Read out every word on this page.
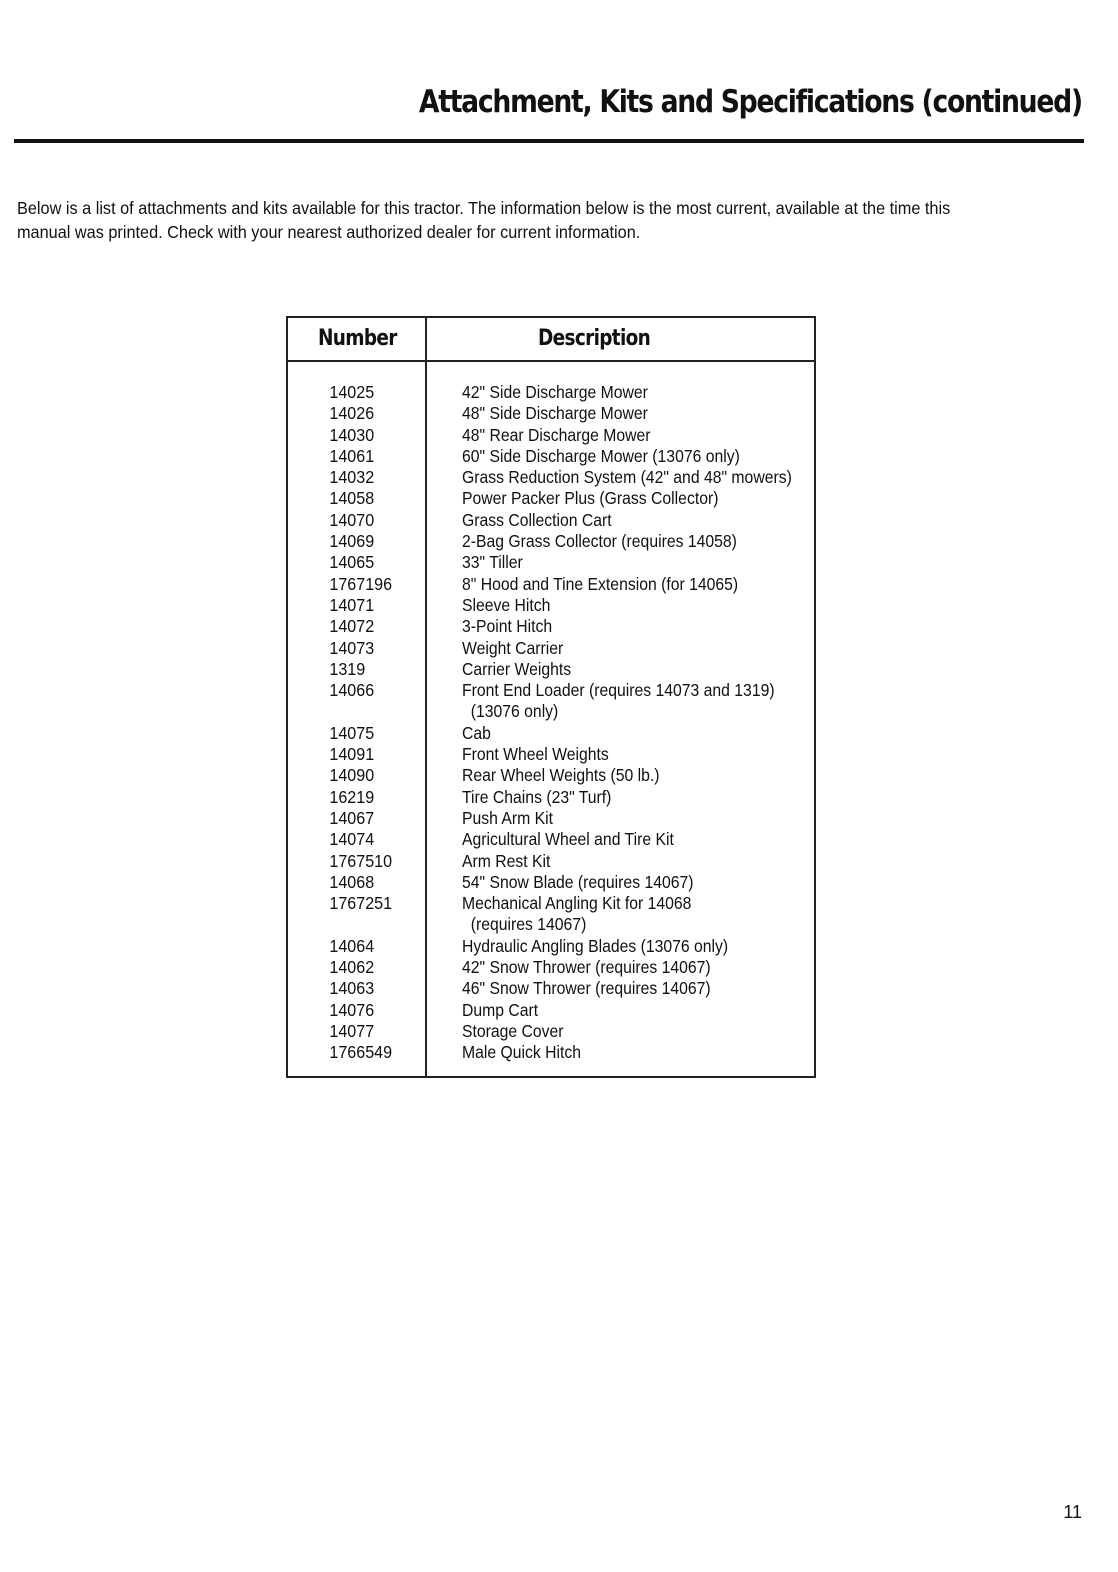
Attachment, Kits and Specifications (continued)

Below is a list of attachments and kits available for this tractor. The information below is the most current, available at the time this

manual was printed. Check with your nearest authorized dealer for current information.

Number	Description
14025	42" Side Discharge Mower
14026	48" Side Discharge Mower
14030	48" Rear Discharge Mower
14061	60" Side Discharge Mower (13076 only)
14032	Grass Reduction System (42" and 48" mowers)
14058	Power Packer Plus (Grass Collector)
14070	Grass Collection Cart
14069	2-Bag Grass Collector (requires 14058)
14065	33" Tiller
1767196	8" Hood and Tine Extension (for 14065)
14071	Sleeve Hitch
14072	3-Point Hitch
14073	Weight Carrier
1319	Carrier Weights
14066	Front End Loader (requires 14073 and 1319)
(13076 only)
14075	Cab
14091	Front Wheel Weights
14090	Rear Wheel Weights (50 lb.)
16219	Tire Chains (23" Turf)
14067	Push Arm Kit
14074	Agricultural Wheel and Tire Kit
1767510	Arm Rest Kit
14068	54" Snow Blade (requires 14067)
1767251	Mechanical Angling Kit for 14068
(requires 14067)
14064	Hydraulic Angling Blades (13076 only)
14062	42" Snow Thrower (requires 14067)
14063	46" Snow Thrower (requires 14067)
14076	Dump Cart
14077	Storage Cover
1766549	Male Quick Hitch
11
